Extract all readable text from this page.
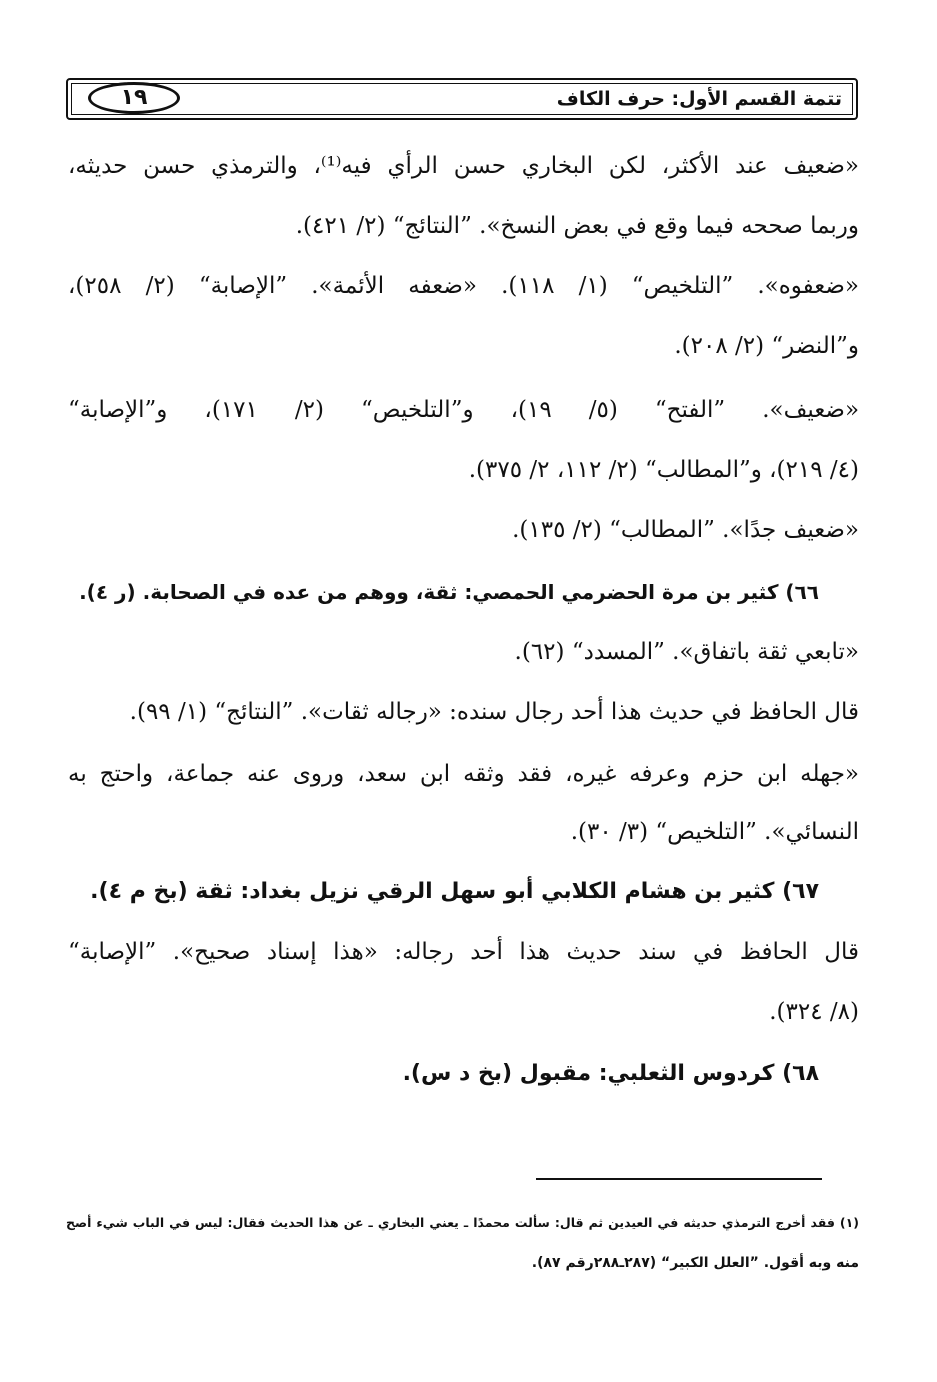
تتمة القسم الأول: حرف الكاف
١٩
«ضعيف عند الأكثر، لكن البخاري حسن الرأي فيه⁽¹⁾، والترمذي حسن حديثه،
وربما صححه فيما وقع في بعض النسخ». ”النتائج“ (٢/ ٤٢١).
«ضعفوه». ”التلخيص“ (١/ ١١٨). «ضعفه الأئمة». ”الإصابة“ (٢/ ٢٥٨)،
و”النضر“ (٢/ ٢٠٨).
«ضعيف». ”الفتح“ (٥/ ١٩)، و”التلخيص“ (٢/ ١٧١)، و”الإصابة“
(٤/ ٢١٩)، و”المطالب“ (٢/ ١١٢، ٢/ ٣٧٥).
«ضعيف جدًا». ”المطالب“ (٢/ ١٣٥).
٦٦) كثير بن مرة الحضرمي الحمصي: ثقة، ووهم من عده في الصحابة. (ر ٤).
«تابعي ثقة باتفاق». ”المسدد“ (٦٢).
قال الحافظ في حديث هذا أحد رجال سنده: «رجاله ثقات». ”النتائج“ (١/ ٩٩).
«جهله ابن حزم وعرفه غيره، فقد وثقه ابن سعد، وروى عنه جماعة، واحتج به
النسائي». ”التلخيص“ (٣/ ٣٠).
٦٧) كثير بن هشام الكلابي أبو سهل الرقي نزيل بغداد: ثقة (بخ م ٤).
قال الحافظ في سند حديث هذا أحد رجاله: «هذا إسناد صحيح». ”الإصابة“
(٨/ ٣٢٤).
٦٨) كردوس الثعلبي: مقبول (بخ د س).
(١) فقد أخرج الترمذي حديثه في العيدين ثم قال: سألت محمدًا ـ يعني البخاري ـ عن هذا الحديث فقال: ليس في الباب شيء أصح
منه وبه أقول. ”العلل الكبير“ (٢٨٧ـ٢٨٨رقم ٨٧).
